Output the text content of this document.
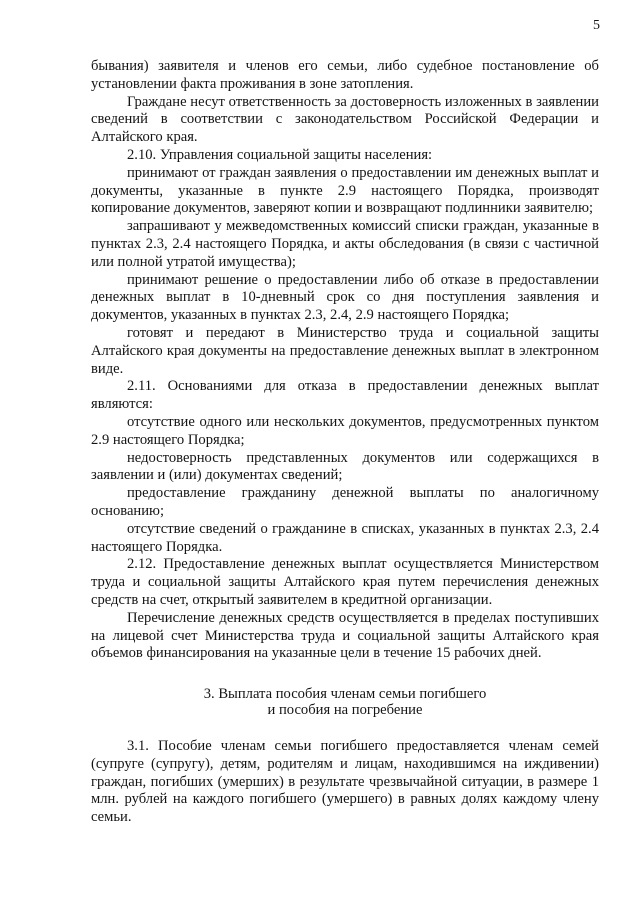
5

бывания) заявителя и членов его семьи, либо судебное постановление об установлении факта проживания в зоне затопления.

Граждане несут ответственность за достоверность изложенных в заявлении сведений в соответствии с законодательством Российской Федерации и Алтайского края.

2.10. Управления социальной защиты населения:

принимают от граждан заявления о предоставлении им денежных выплат и документы, указанные в пункте 2.9 настоящего Порядка, производят копирование документов, заверяют копии и возвращают подлинники заявителю;

запрашивают у межведомственных комиссий списки граждан, указанные в пунктах 2.3, 2.4 настоящего Порядка, и акты обследования (в связи с частичной или полной утратой имущества);

принимают решение о предоставлении либо об отказе в предоставлении денежных выплат в 10-дневный срок со дня поступления заявления и документов, указанных в пунктах 2.3, 2.4, 2.9 настоящего Порядка;

готовят и передают в Министерство труда и социальной защиты Алтайского края документы на предоставление денежных выплат в электронном виде.

2.11. Основаниями для отказа в предоставлении денежных выплат являются:

отсутствие одного или нескольких документов, предусмотренных пунктом 2.9 настоящего Порядка;

недостоверность представленных документов или содержащихся в заявлении и (или) документах сведений;

предоставление гражданину денежной выплаты по аналогичному основанию;

отсутствие сведений о гражданине в списках, указанных в пунктах 2.3, 2.4 настоящего Порядка.

2.12. Предоставление денежных выплат осуществляется Министерством труда и социальной защиты Алтайского края путем перечисления денежных средств на счет, открытый заявителем в кредитной организации.

Перечисление денежных средств осуществляется в пределах поступивших на лицевой счет Министерства труда и социальной защиты Алтайского края объемов финансирования на указанные цели в течение 15 рабочих дней.

3. Выплата пособия членам семьи погибшего
и пособия на погребение

3.1. Пособие членам семьи погибшего предоставляется членам семей (супруге (супругу), детям, родителям и лицам, находившимся на иждивении) граждан, погибших (умерших) в результате чрезвычайной ситуации, в размере 1 млн. рублей на каждого погибшего (умершего) в равных долях каждому члену семьи.
